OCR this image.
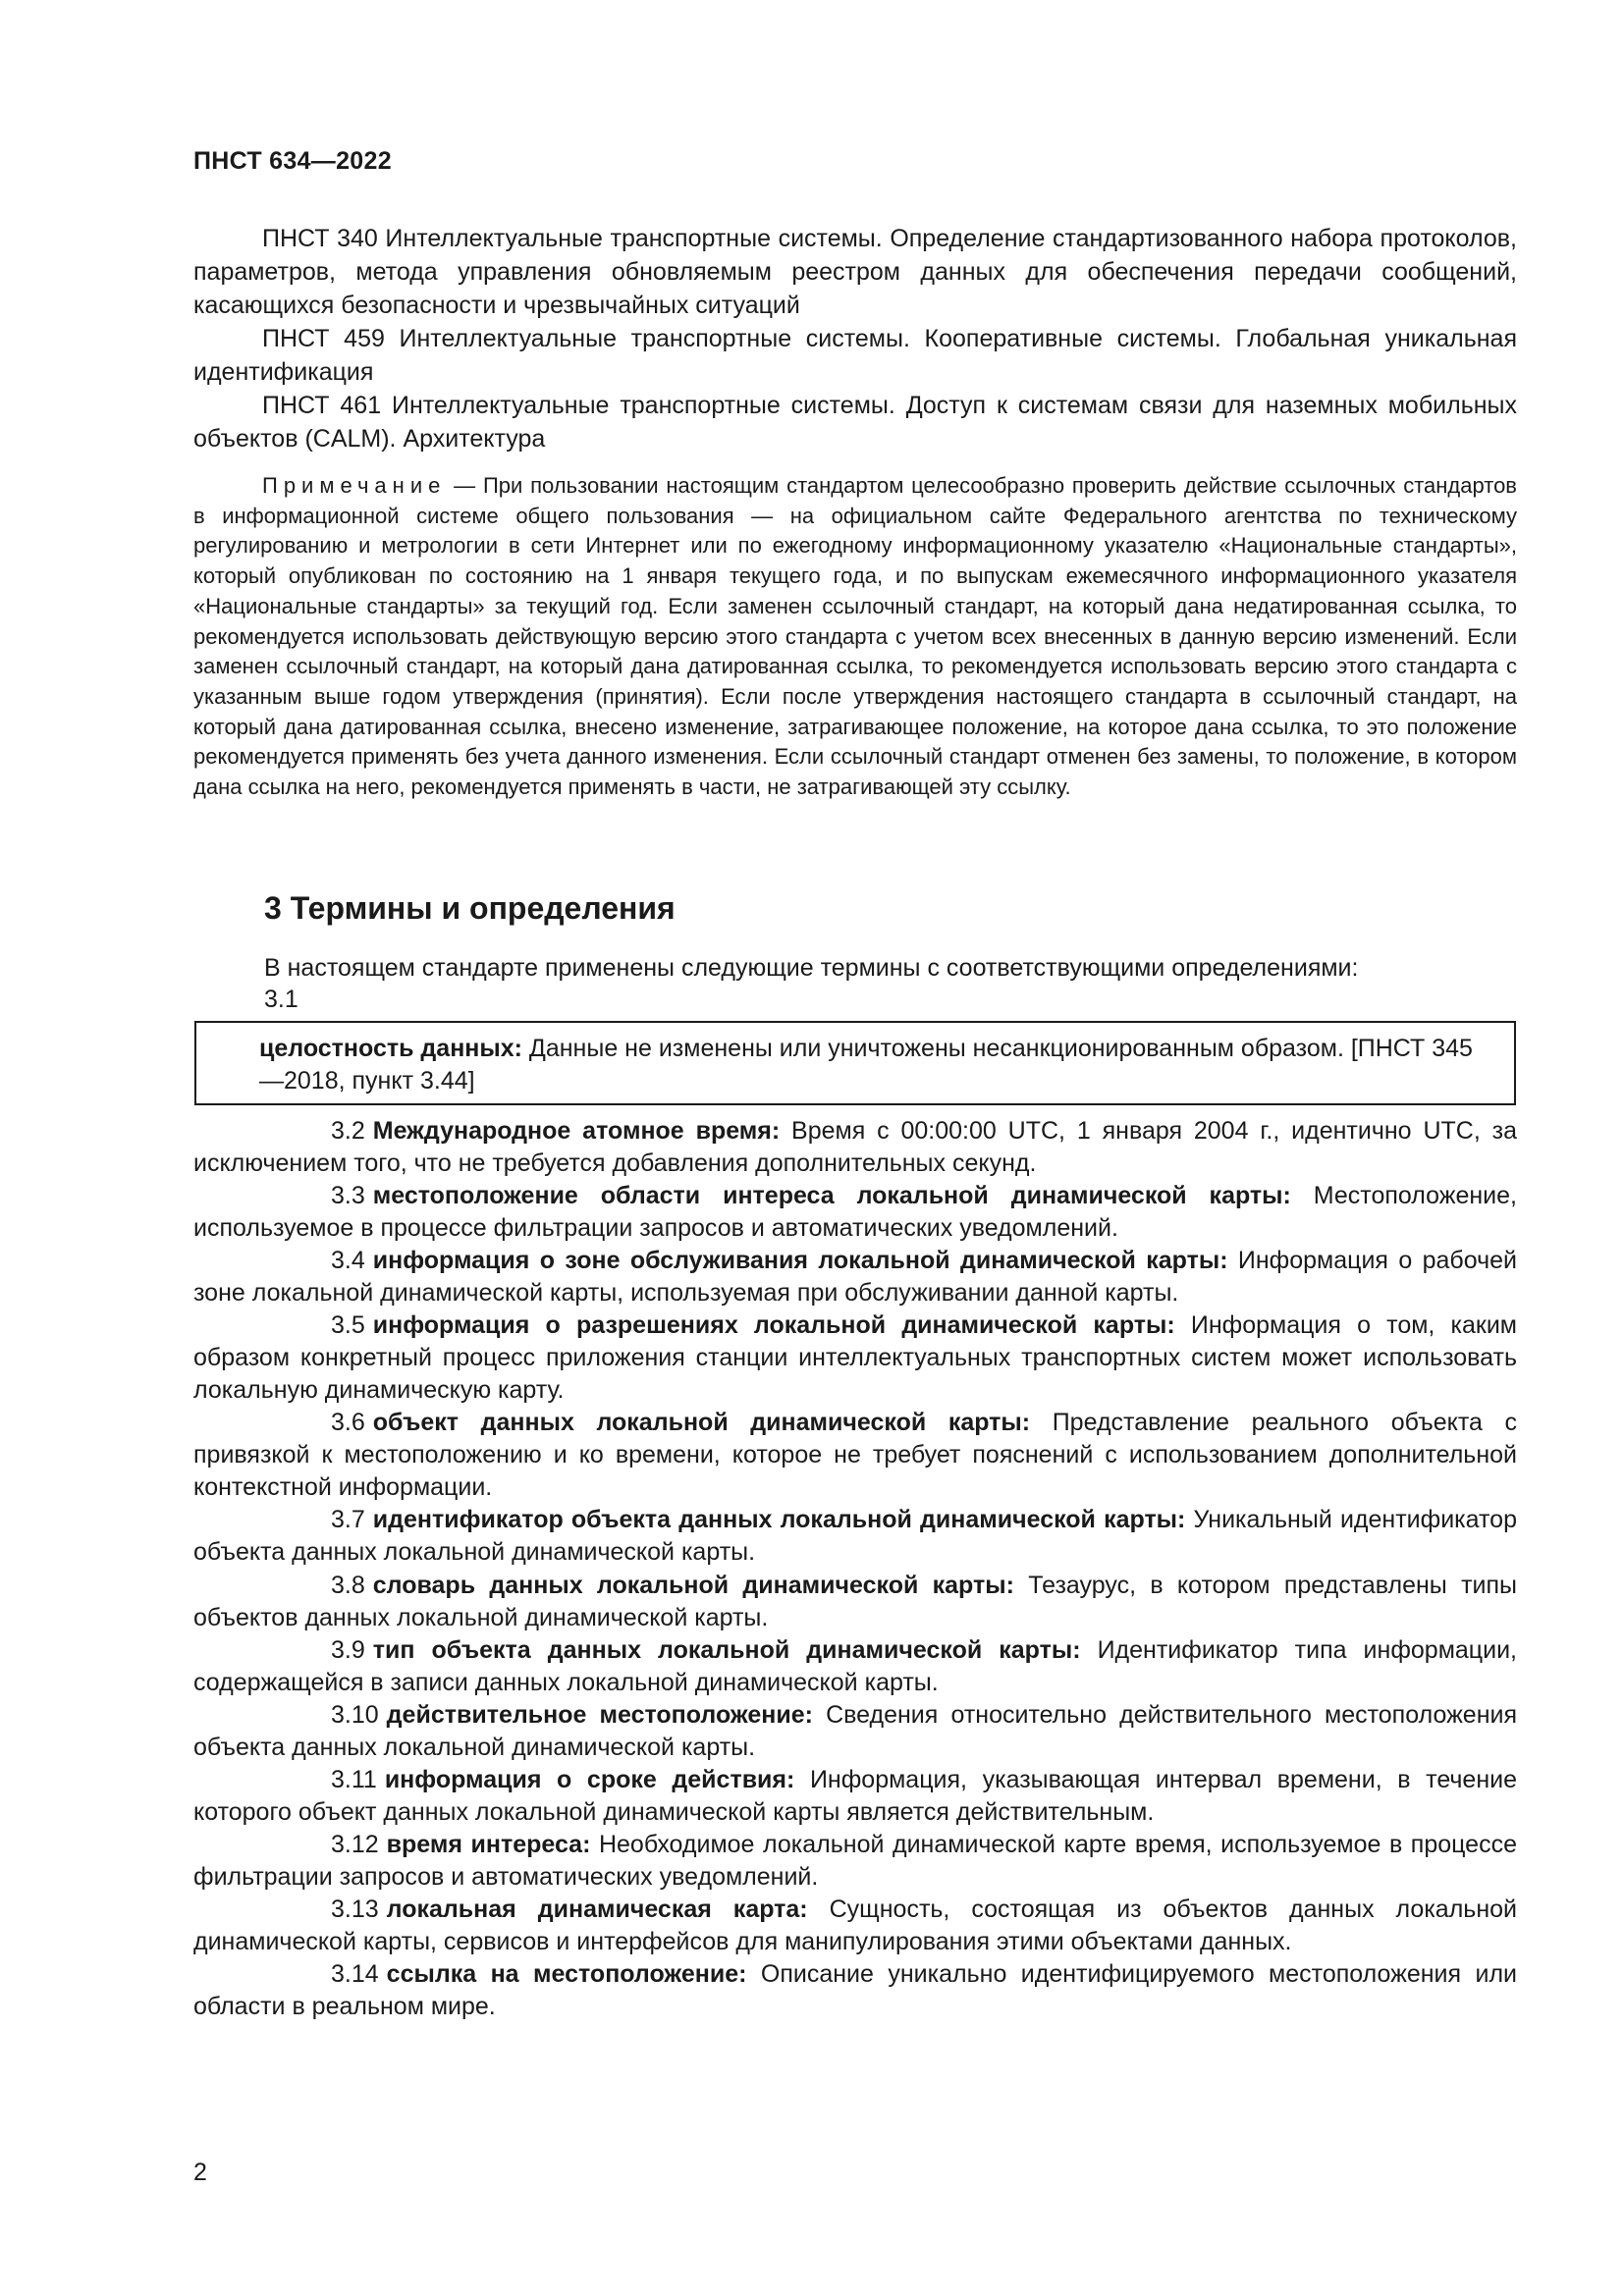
ПНСТ 634—2022

ПНСТ 340 Интеллектуальные транспортные системы. Определение стандартизованного набора протоколов, параметров, метода управления обновляемым реестром данных для обеспечения передачи сообщений, касающихся безопасности и чрезвычайных ситуаций

ПНСТ 459 Интеллектуальные транспортные системы. Кооперативные системы. Глобальная уникальная идентификация

ПНСТ 461 Интеллектуальные транспортные системы. Доступ к системам связи для наземных мобильных объектов (CALM). Архитектура

Примечание — При пользовании настоящим стандартом целесообразно проверить действие ссылочных стандартов в информационной системе общего пользования — на официальном сайте Федерального агентства по техническому регулированию и метрологии в сети Интернет или по ежегодному информационному указателю «Национальные стандарты», который опубликован по состоянию на 1 января текущего года, и по выпускам ежемесячного информационного указателя «Национальные стандарты» за текущий год. Если заменен ссылочный стандарт, на который дана недатированная ссылка, то рекомендуется использовать действующую версию этого стандарта с учетом всех внесенных в данную версию изменений. Если заменен ссылочный стандарт, на который дана датированная ссылка, то рекомендуется использовать версию этого стандарта с указанным выше годом утверждения (принятия). Если после утверждения настоящего стандарта в ссылочный стандарт, на который дана датированная ссылка, внесено изменение, затрагивающее положение, на которое дана ссылка, то это положение рекомендуется применять без учета данного изменения. Если ссылочный стандарт отменен без замены, то положение, в котором дана ссылка на него, рекомендуется применять в части, не затрагивающей эту ссылку.

3 Термины и определения
В настоящем стандарте применены следующие термины с соответствующими определениями:
3.1
целостность данных: Данные не изменены или уничтожены несанкционированным образом. [ПНСТ 345—2018, пункт 3.44]

3.2 Международное атомное время: Время с 00:00:00 UTC, 1 января 2004 г., идентично UTC, за исключением того, что не требуется добавления дополнительных секунд.

3.3 местоположение области интереса локальной динамической карты: Местоположение, используемое в процессе фильтрации запросов и автоматических уведомлений.

3.4 информация о зоне обслуживания локальной динамической карты: Информация о рабочей зоне локальной динамической карты, используемая при обслуживании данной карты.

3.5 информация о разрешениях локальной динамической карты: Информация о том, каким образом конкретный процесс приложения станции интеллектуальных транспортных систем может использовать локальную динамическую карту.

3.6 объект данных локальной динамической карты: Представление реального объекта с привязкой к местоположению и ко времени, которое не требует пояснений с использованием дополнительной контекстной информации.

3.7 идентификатор объекта данных локальной динамической карты: Уникальный идентификатор объекта данных локальной динамической карты.

3.8 словарь данных локальной динамической карты: Тезаурус, в котором представлены типы объектов данных локальной динамической карты.

3.9 тип объекта данных локальной динамической карты: Идентификатор типа информации, содержащейся в записи данных локальной динамической карты.

3.10 действительное местоположение: Сведения относительно действительного местоположения объекта данных локальной динамической карты.

3.11 информация о сроке действия: Информация, указывающая интервал времени, в течение которого объект данных локальной динамической карты является действительным.

3.12 время интереса: Необходимое локальной динамической карте время, используемое в процессе фильтрации запросов и автоматических уведомлений.

3.13 локальная динамическая карта: Сущность, состоящая из объектов данных локальной динамической карты, сервисов и интерфейсов для манипулирования этими объектами данных.

3.14 ссылка на местоположение: Описание уникально идентифицируемого местоположения или области в реальном мире.

2
